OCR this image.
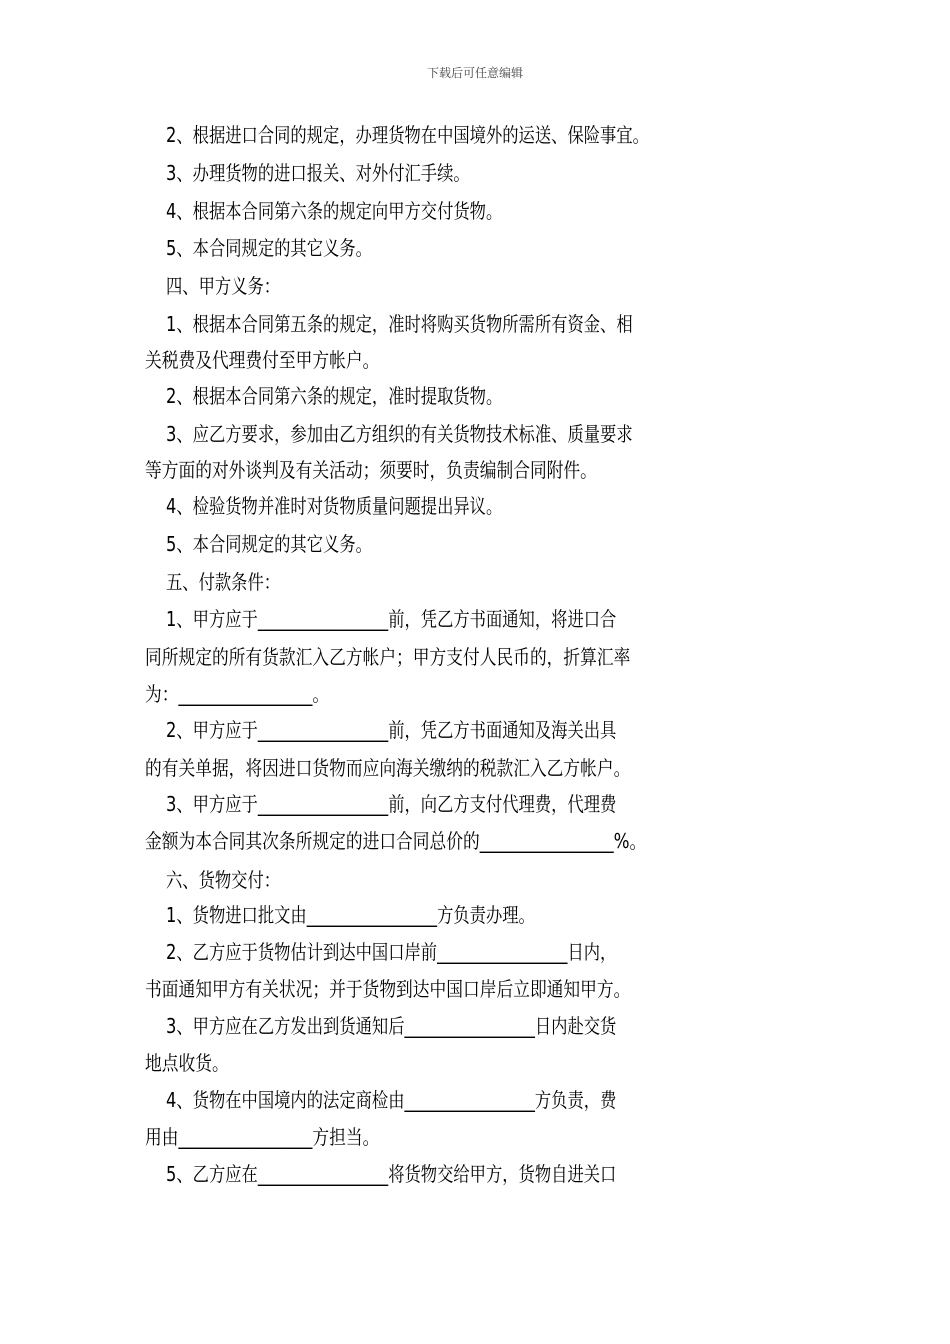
下载后可任意编辑
2、根据进口合同的规定，办理货物在中国境外的运送、保险事宜。
3、办理货物的进口报关、对外付汇手续。
4、根据本合同第六条的规定向甲方交付货物。
5、本合同规定的其它义务。
四、甲方义务：
1、根据本合同第五条的规定，准时将购买货物所需所有资金、相
关税费及代理费付至甲方帐户。
2、根据本合同第六条的规定，准时提取货物。
3、应乙方要求，参加由乙方组织的有关货物技术标准、质量要求
等方面的对外谈判及有关活动；须要时，负责编制合同附件。
4、检验货物并准时对货物质量问题提出异议。
5、本合同规定的其它义务。
五、付款条件：
1、甲方应于________________前，凭乙方书面通知，将进口合
同所规定的所有货款汇入乙方帐户；甲方支付人民币的，折算汇率
为：________________。
2、甲方应于________________前，凭乙方书面通知及海关出具
的有关单据，将因进口货物而应向海关缴纳的税款汇入乙方帐户。
3、甲方应于________________前，向乙方支付代理费，代理费
金额为本合同其次条所规定的进口合同总价的________________%。
六、货物交付：
1、货物进口批文由________________方负责办理。
2、乙方应于货物估计到达中国口岸前________________日内，
书面通知甲方有关状况；并于货物到达中国口岸后立即通知甲方。
3、甲方应在乙方发出到货通知后________________日内赴交货
地点收货。
4、货物在中国境内的法定商检由________________方负责，费
用由________________方担当。
5、乙方应在________________将货物交给甲方，货物自进关口
